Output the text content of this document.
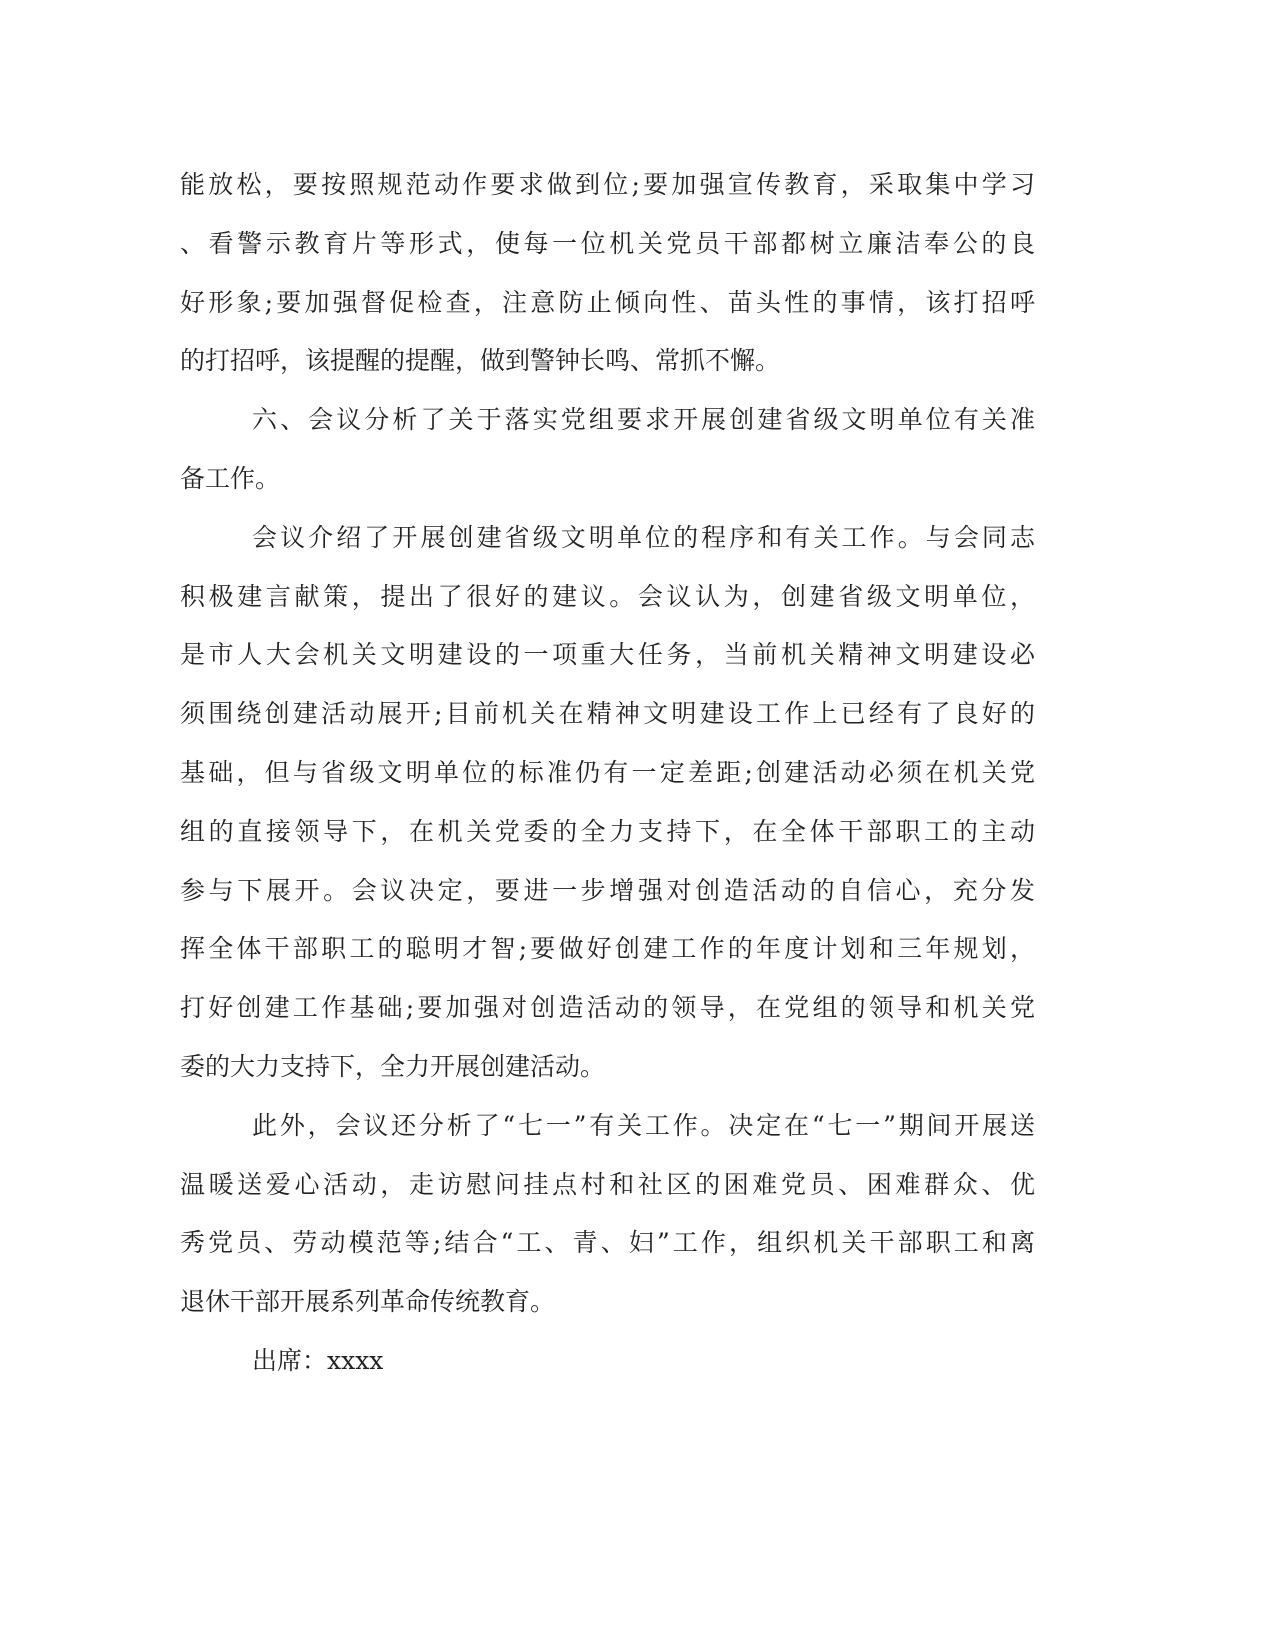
能放松，要按照规范动作要求做到位;要加强宣传教育，采取集中学习
、看警示教育片等形式，使每一位机关党员干部都树立廉洁奉公的良
好形象;要加强督促检查，注意防止倾向性、苗头性的事情，该打招呼
的打招呼，该提醒的提醒，做到警钟长鸣、常抓不懈。
六、会议分析了关于落实党组要求开展创建省级文明单位有关准
备工作。
会议介绍了开展创建省级文明单位的程序和有关工作。与会同志
积极建言献策，提出了很好的建议。会议认为，创建省级文明单位，
是市人大会机关文明建设的一项重大任务，当前机关精神文明建设必
须围绕创建活动展开;目前机关在精神文明建设工作上已经有了良好的
基础，但与省级文明单位的标准仍有一定差距;创建活动必须在机关党
组的直接领导下，在机关党委的全力支持下，在全体干部职工的主动
参与下展开。会议决定，要进一步增强对创造活动的自信心，充分发
挥全体干部职工的聪明才智;要做好创建工作的年度计划和三年规划，
打好创建工作基础;要加强对创造活动的领导，在党组的领导和机关党
委的大力支持下，全力开展创建活动。
此外，会议还分析了“七一”有关工作。决定在“七一”期间开展送
温暖送爱心活动，走访慰问挂点村和社区的困难党员、困难群众、优
秀党员、劳动模范等;结合“工、青、妇”工作，组织机关干部职工和离
退休干部开展系列革命传统教育。
出席：xxxx
